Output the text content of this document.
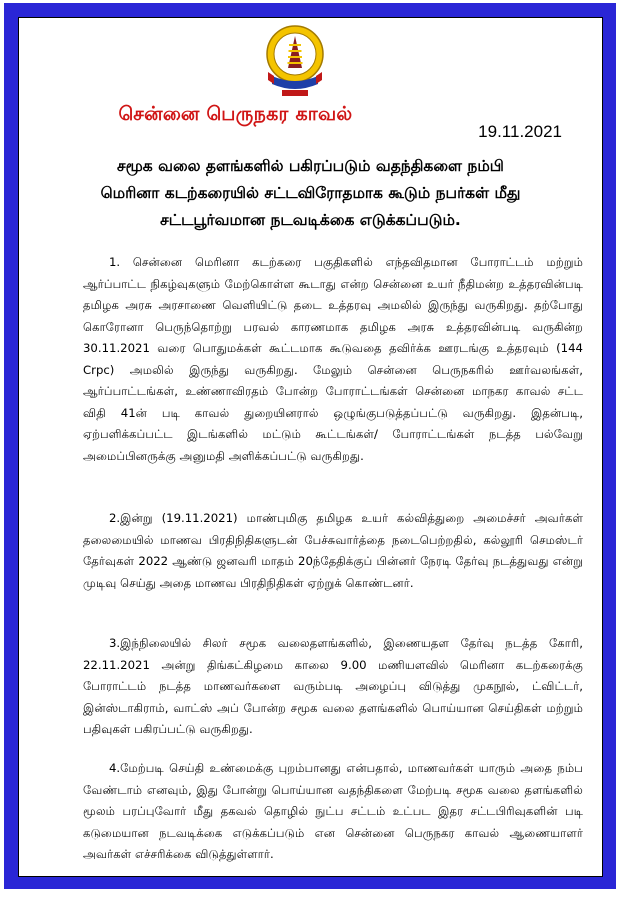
சென்னை பெருநகர காவல்
19.11.2021
சமூக வலை தளங்களில் பகிரப்படும் வதந்திகளை நம்பி
மெரினா கடற்கரையில் சட்டவிரோதமாக கூடும் நபர்கள் மீது
சட்டபூர்வமான நடவடிக்கை எடுக்கப்படும்.

1. சென்னை மெரினா கடற்கரை பகுதிகளில் எந்தவிதமான போராட்டம் மற்றும் ஆர்ப்பாட்ட நிகழ்வுகளும் மேற்கொள்ள கூடாது என்ற சென்னை உயர் நீதிமன்ற உத்தரவின்படி தமிழக அரசு அரசாணை வெளியிட்டு தடை உத்தரவு அமலில் இருந்து வருகிறது. தற்போது கொரோனா பெருந்தொற்று பரவல் காரணமாக தமிழக அரசு உத்தரவின்படி வருகின்ற 30.11.2021 வரை பொதுமக்கள் கூட்டமாக கூடுவதை தவிர்க்க ஊரடங்கு உத்தரவும் (144 Crpc) அமலில் இருந்து வருகிறது. மேலும் சென்னை பெருநகரில் ஊர்வலங்கள், ஆர்ப்பாட்டங்கள், உண்ணாவிரதம் போன்ற போராட்டங்கள் சென்னை மாநகர காவல் சட்ட விதி 41ன் படி காவல் துறையினரால் ஒழுங்குபடுத்தப்பட்டு வருகிறது. இதன்படி, ஏற்பளிக்கப்பட்ட இடங்களில் மட்டும் கூட்டங்கள்/ போராட்டங்கள் நடத்த பல்வேறு அமைப்பினருக்கு அனுமதி அளிக்கப்பட்டு வருகிறது.

2.இன்று (19.11.2021) மாண்புமிகு தமிழக உயர் கல்வித்துறை அமைச்சர் அவர்கள் தலைமையில் மாணவ பிரதிநிதிகளுடன் பேச்சுவார்த்தை நடைபெற்றதில், கல்லூரி செமஸ்டர் தேர்வுகள் 2022 ஆண்டு ஜனவரி மாதம் 20ந்தேதிக்குப் பின்னர் நேரடி தேர்வு நடத்துவது என்று முடிவு செய்து அதை மாணவ பிரதிநிதிகள் ஏற்றுக் கொண்டனர்.

3.இந்நிலையில் சிலர் சமூக வலைதளங்களில், இணையதள தேர்வு நடத்த கோரி, 22.11.2021 அன்று திங்கட்கிழமை காலை 9.00 மணியளவில் மெரினா கடற்கரைக்கு போராட்டம் நடத்த மாணவர்களை வரும்படி அழைப்பு விடுத்து முகநூல், ட்விட்டர், இன்ஸ்டாகிராம், வாட்ஸ் அப் போன்ற சமூக வலை தளங்களில் பொய்யான செய்திகள் மற்றும் பதிவுகள் பகிரப்பட்டு வருகிறது.

4.மேற்படி செய்தி உண்மைக்கு புறம்பானது என்பதால், மாணவர்கள் யாரும் அதை நம்ப வேண்டாம் எனவும், இது போன்று பொய்யான வதந்திகளை மேற்படி சமூக வலை தளங்களில் மூலம் பரப்புவோர் மீது தகவல் தொழில் நுட்ப சட்டம் உட்பட இதர சட்டபிரிவுகளின் படி கடுமையான நடவடிக்கை எடுக்கப்படும் என சென்னை பெருநகர காவல் ஆணையாளர் அவர்கள் எச்சரிக்கை விடுத்துள்ளார்.
